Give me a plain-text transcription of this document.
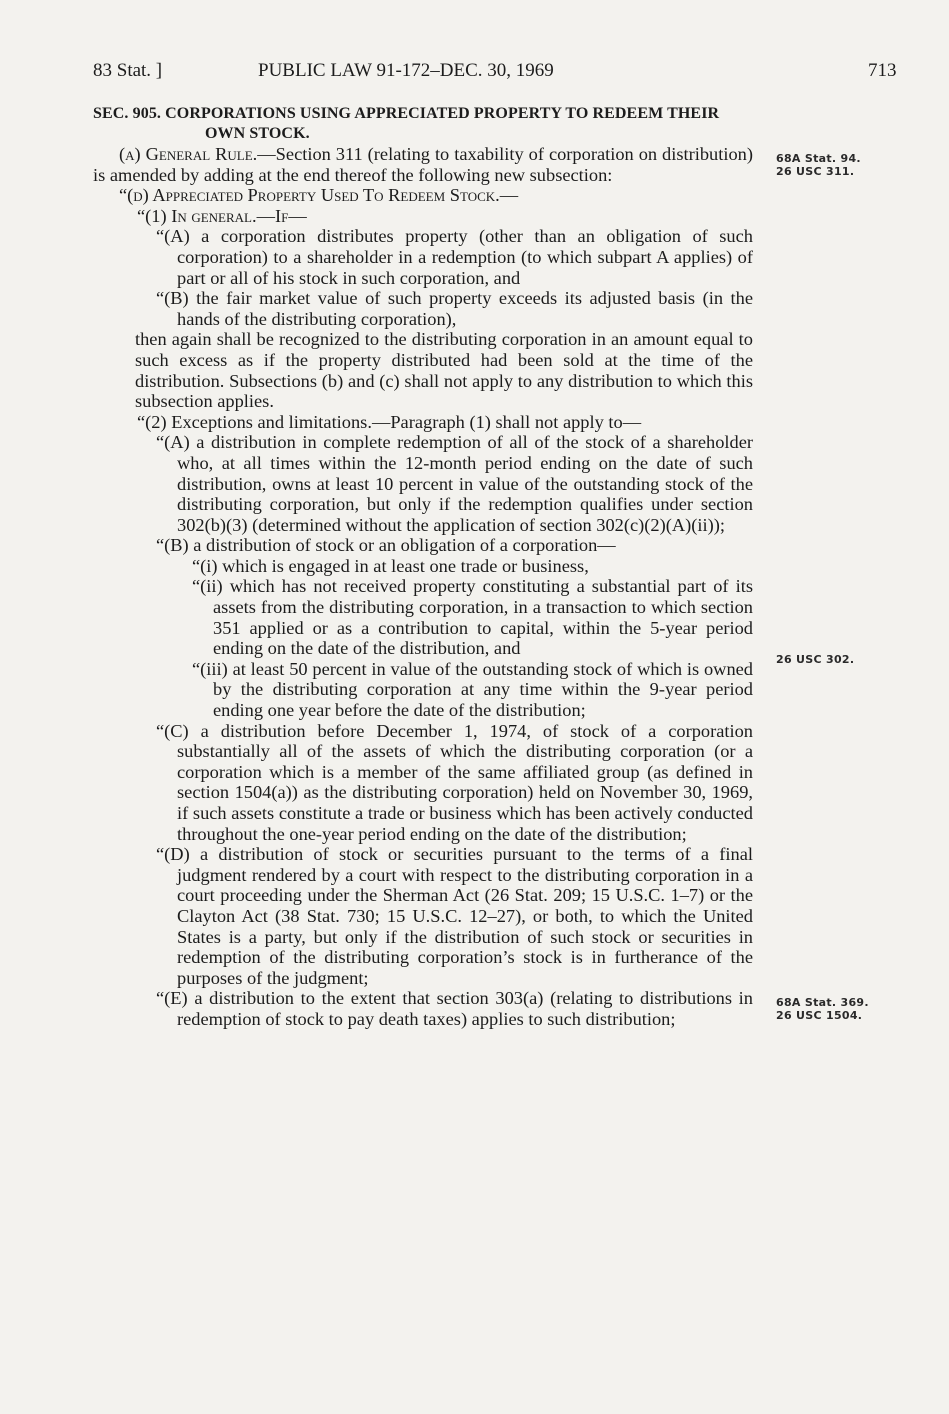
83 Stat. ]	PUBLIC LAW 91-172–DEC. 30, 1969	713

SEC. 905. CORPORATIONS USING APPRECIATED PROPERTY TO REDEEM THEIR OWN STOCK.

(a) General Rule.—Section 311 (relating to taxability of corporation on distribution) is amended by adding at the end thereof the following new subsection:

“(d) Appreciated Property Used To Redeem Stock.—

“(1) In general.—If—

“(A) a corporation distributes property (other than an obligation of such corporation) to a shareholder in a redemption (to which subpart A applies) of part or all of his stock in such corporation, and

“(B) the fair market value of such property exceeds its adjusted basis (in the hands of the distributing corporation),

then again shall be recognized to the distributing corporation in an amount equal to such excess as if the property distributed had been sold at the time of the distribution. Subsections (b) and (c) shall not apply to any distribution to which this subsection applies.

“(2) Exceptions and limitations.—Paragraph (1) shall not apply to—

“(A) a distribution in complete redemption of all of the stock of a shareholder who, at all times within the 12-month period ending on the date of such distribution, owns at least 10 percent in value of the outstanding stock of the distributing corporation, but only if the redemption qualifies under section 302(b)(3) (determined without the application of section 302(c)(2)(A)(ii));

“(B) a distribution of stock or an obligation of a corporation—

“(i) which is engaged in at least one trade or business,

“(ii) which has not received property constituting a substantial part of its assets from the distributing corporation, in a transaction to which section 351 applied or as a contribution to capital, within the 5-year period ending on the date of the distribution, and

“(iii) at least 50 percent in value of the outstanding stock of which is owned by the distributing corporation at any time within the 9-year period ending one year before the date of the distribution;

“(C) a distribution before December 1, 1974, of stock of a corporation substantially all of the assets of which the distributing corporation (or a corporation which is a member of the same affiliated group (as defined in section 1504(a)) as the distributing corporation) held on November 30, 1969, if such assets constitute a trade or business which has been actively conducted throughout the one-year period ending on the date of the distribution;

“(D) a distribution of stock or securities pursuant to the terms of a final judgment rendered by a court with respect to the distributing corporation in a court proceeding under the Sherman Act (26 Stat. 209; 15 U.S.C. 1–7) or the Clayton Act (38 Stat. 730; 15 U.S.C. 12–27), or both, to which the United States is a party, but only if the distribution of such stock or securities in redemption of the distributing corporation’s stock is in furtherance of the purposes of the judgment;

“(E) a distribution to the extent that section 303(a) (relating to distributions in redemption of stock to pay death taxes) applies to such distribution;

68A Stat. 94.
26 USC 311.
26 USC 302.
68A Stat. 369.
26 USC 1504.
